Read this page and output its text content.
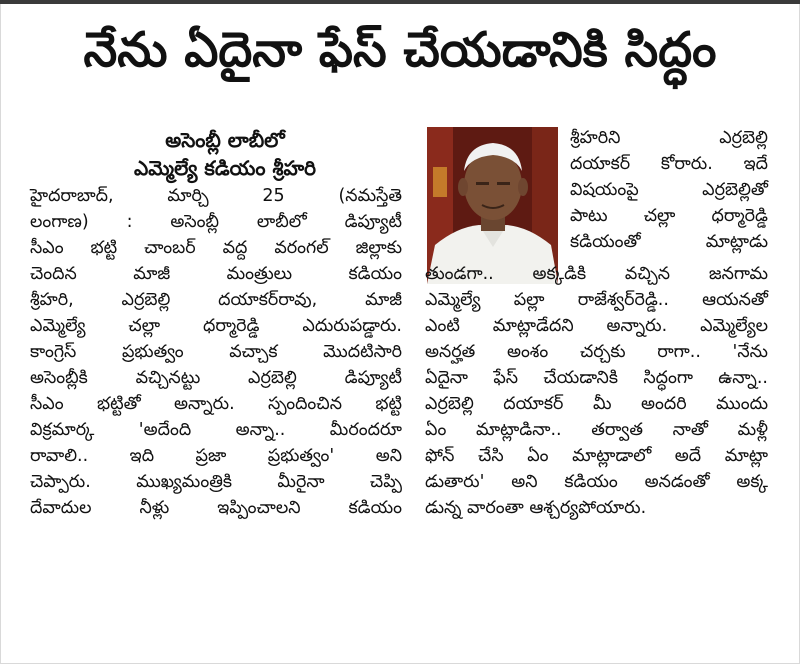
నేను ఏదైనా ఫేస్ చేయడానికి సిద్ధం
అసెంబ్లీ లాబీలో
ఎమ్మెల్యే కడియం శ్రీహరి
హైదరాబాద్, మార్చి 25 (నమస్తేతె
లంగాణ) : అసెంబ్లీ లాబీలో డిప్యూటీ
సీఎం భట్టి చాంబర్ వద్ద వరంగల్ జిల్లాకు
చెందిన మాజీ మంత్రులు కడియం
శ్రీహరి, ఎర్రబెల్లి దయాకర్‌రావు, మాజీ
ఎమ్మెల్యే చల్లా ధర్మారెడ్డి ఎదురుపడ్డారు.
కాంగ్రెస్ ప్రభుత్వం వచ్చాక మొదటిసారి
అసెంబ్లీకి వచ్చినట్టు ఎర్రబెల్లి డిప్యూటీ
సీఎం భట్టితో అన్నారు. స్పందించిన భట్టి
విక్రమార్క 'అదేంది అన్నా.. మీరందరూ
రావాలి.. ఇది ప్రజా ప్రభుత్వం' అని
చెప్పారు. ముఖ్యమంత్రికి మీరైనా చెప్పి
దేవాదుల నీళ్లు ఇప్పించాలని కడియం
శ్రీహరిని ఎర్రబెల్లి
దయాకర్ కోరారు. ఇదే
విషయంపై ఎర్రబెల్లితో
పాటు చల్లా ధర్మారెడ్డి
కడియంతో మాట్లాడు
తుండగా.. అక్కడికి వచ్చిన జనగామ
ఎమ్మెల్యే పల్లా రాజేశ్వర్‌రెడ్డి.. ఆయనతో
ఎంటి మాట్లాడేదని అన్నారు. ఎమ్మెల్యేల
అనర్హత అంశం చర్చకు రాగా.. 'నేను
ఏదైనా ఫేస్ చేయడానికి సిద్ధంగా ఉన్నా..
ఎర్రబెల్లి దయాకర్ మీ అందరి ముందు
ఏం మాట్లాడినా.. తర్వాత నాతో మళ్లీ
ఫోన్ చేసి ఏం మాట్లాడాలో అదే మాట్లా
డుతారు' అని కడియం అనడంతో అక్క
డున్న వారంతా ఆశ్చర్యపోయారు.
